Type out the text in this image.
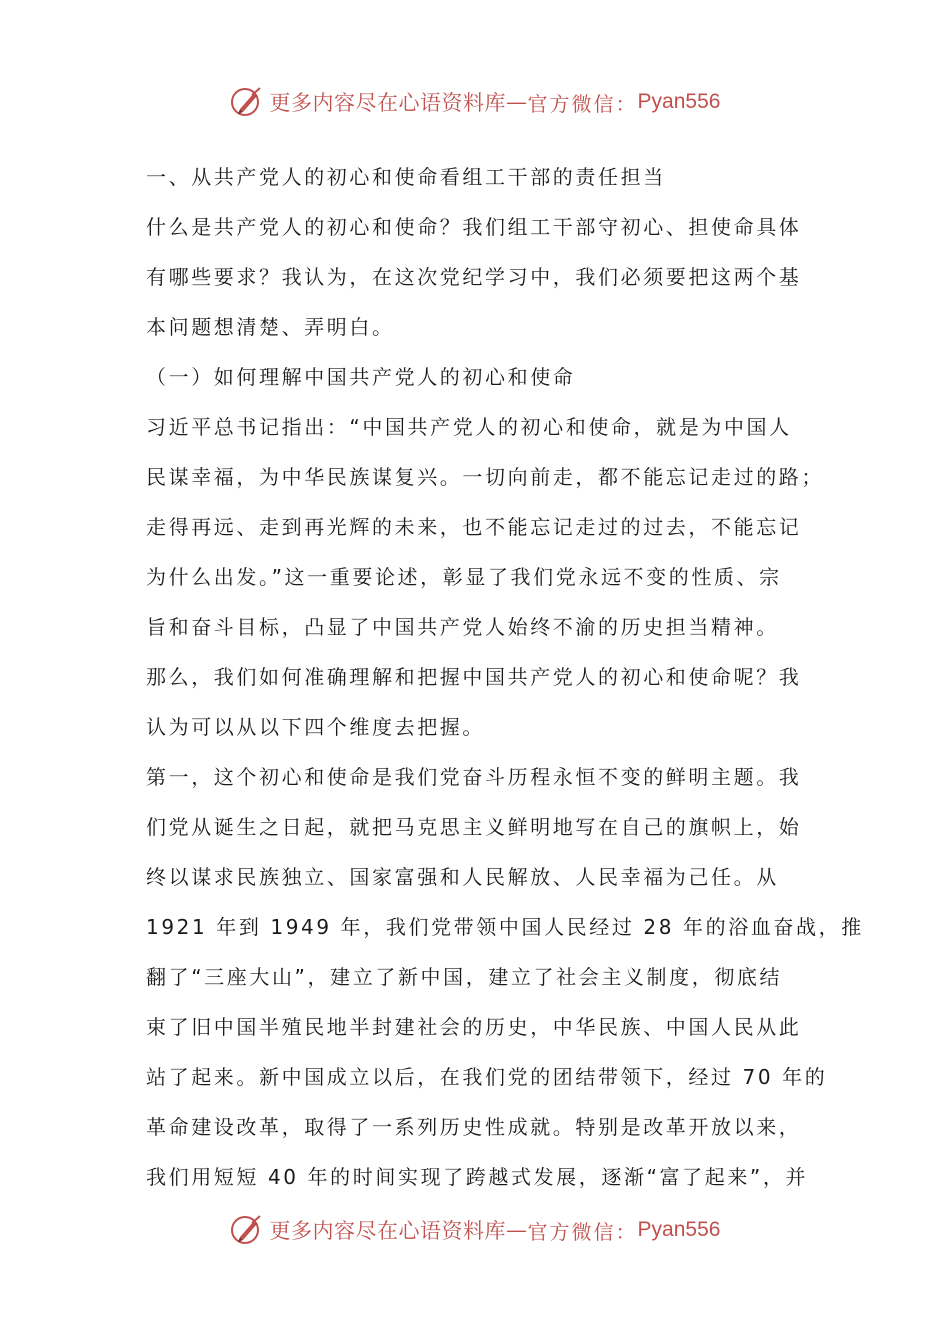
更多内容尽在心语资料库 — 官方微信： Pyan556
一、从共产党人的初心和使命看组工干部的责任担当
什么是共产党人的初心和使命？我们组工干部守初心、担使命具体
有哪些要求？我认为，在这次党纪学习中，我们必须要把这两个基
本问题想清楚、弄明白。
（一）如何理解中国共产党人的初心和使命
习近平总书记指出：“中国共产党人的初心和使命，就是为中国人
民谋幸福，为中华民族谋复兴。一切向前走，都不能忘记走过的路；
走得再远、走到再光辉的未来，也不能忘记走过的过去，不能忘记
为什么出发。”这一重要论述，彰显了我们党永远不变的性质、宗
旨和奋斗目标，凸显了中国共产党人始终不渝的历史担当精神。
那么，我们如何准确理解和把握中国共产党人的初心和使命呢？我
认为可以从以下四个维度去把握。
第一，这个初心和使命是我们党奋斗历程永恒不变的鲜明主题。我
们党从诞生之日起，就把马克思主义鲜明地写在自己的旗帜上，始
终以谋求民族独立、国家富强和人民解放、人民幸福为己任。从
1921 年到 1949 年，我们党带领中国人民经过 28 年的浴血奋战，推
翻了“三座大山”，建立了新中国，建立了社会主义制度，彻底结
束了旧中国半殖民地半封建社会的历史，中华民族、中国人民从此
站了起来。新中国成立以后，在我们党的团结带领下，经过 70 年的
革命建设改革，取得了一系列历史性成就。特别是改革开放以来，
我们用短短 40 年的时间实现了跨越式发展，逐渐“富了起来”，并
更多内容尽在心语资料库 — 官方微信： Pyan556
